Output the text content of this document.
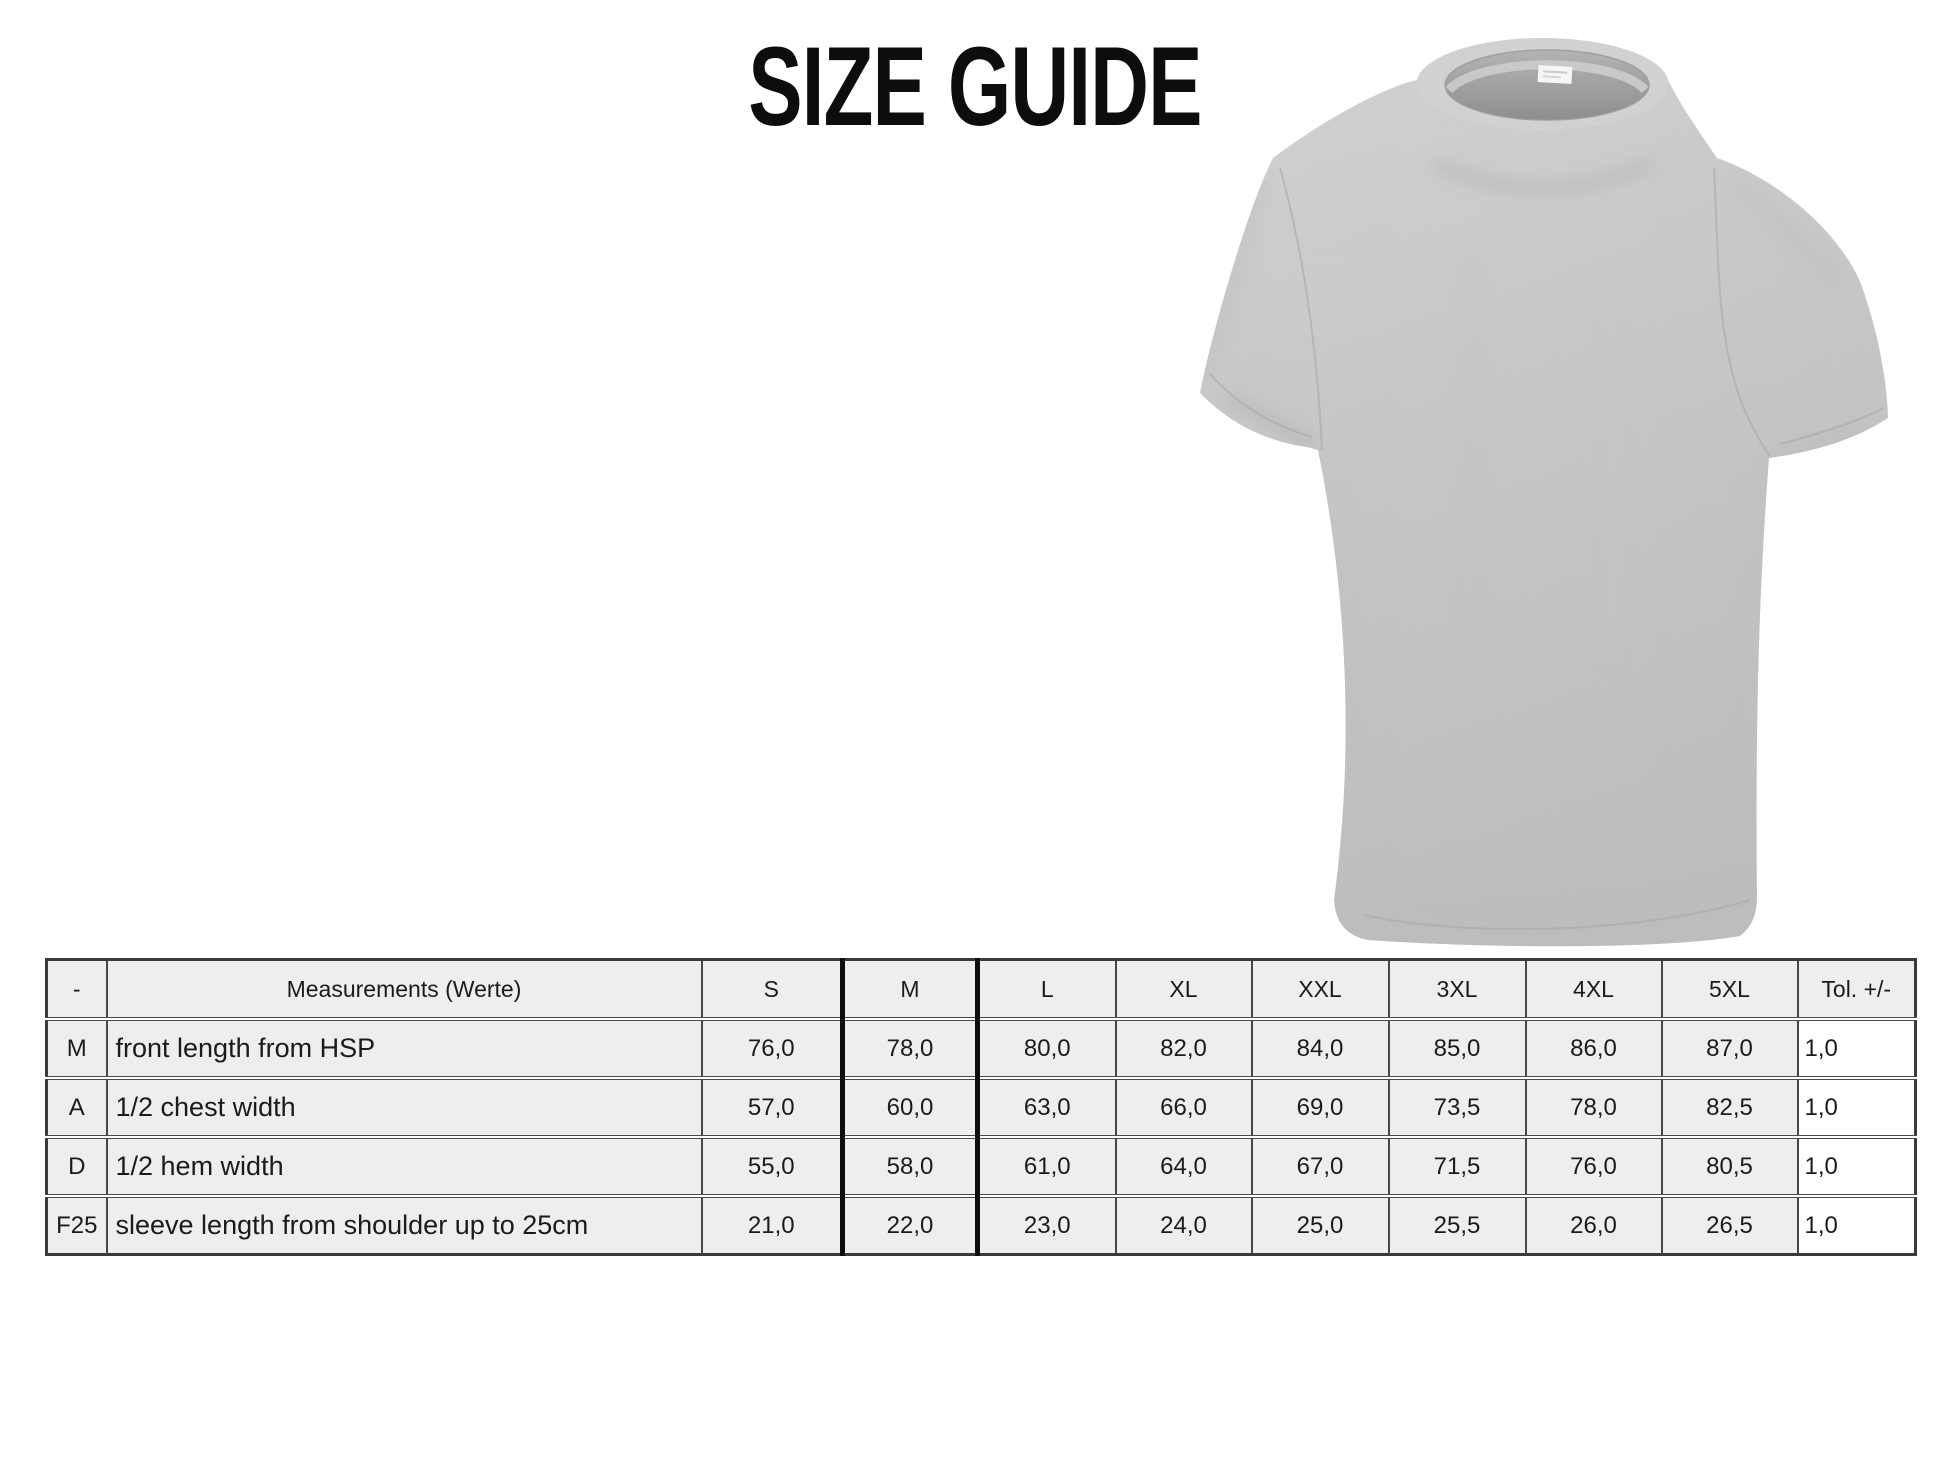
SIZE GUIDE
-	Measurements (Werte)	S	M	L	XL	XXL	3XL	4XL	5XL	Tol. +/-
M	front length from HSP	76,0	78,0	80,0	82,0	84,0	85,0	86,0	87,0	1,0
A	1/2 chest width	57,0	60,0	63,0	66,0	69,0	73,5	78,0	82,5	1,0
D	1/2 hem width	55,0	58,0	61,0	64,0	67,0	71,5	76,0	80,5	1,0
F25	sleeve length from shoulder up to 25cm	21,0	22,0	23,0	24,0	25,0	25,5	26,0	26,5	1,0
